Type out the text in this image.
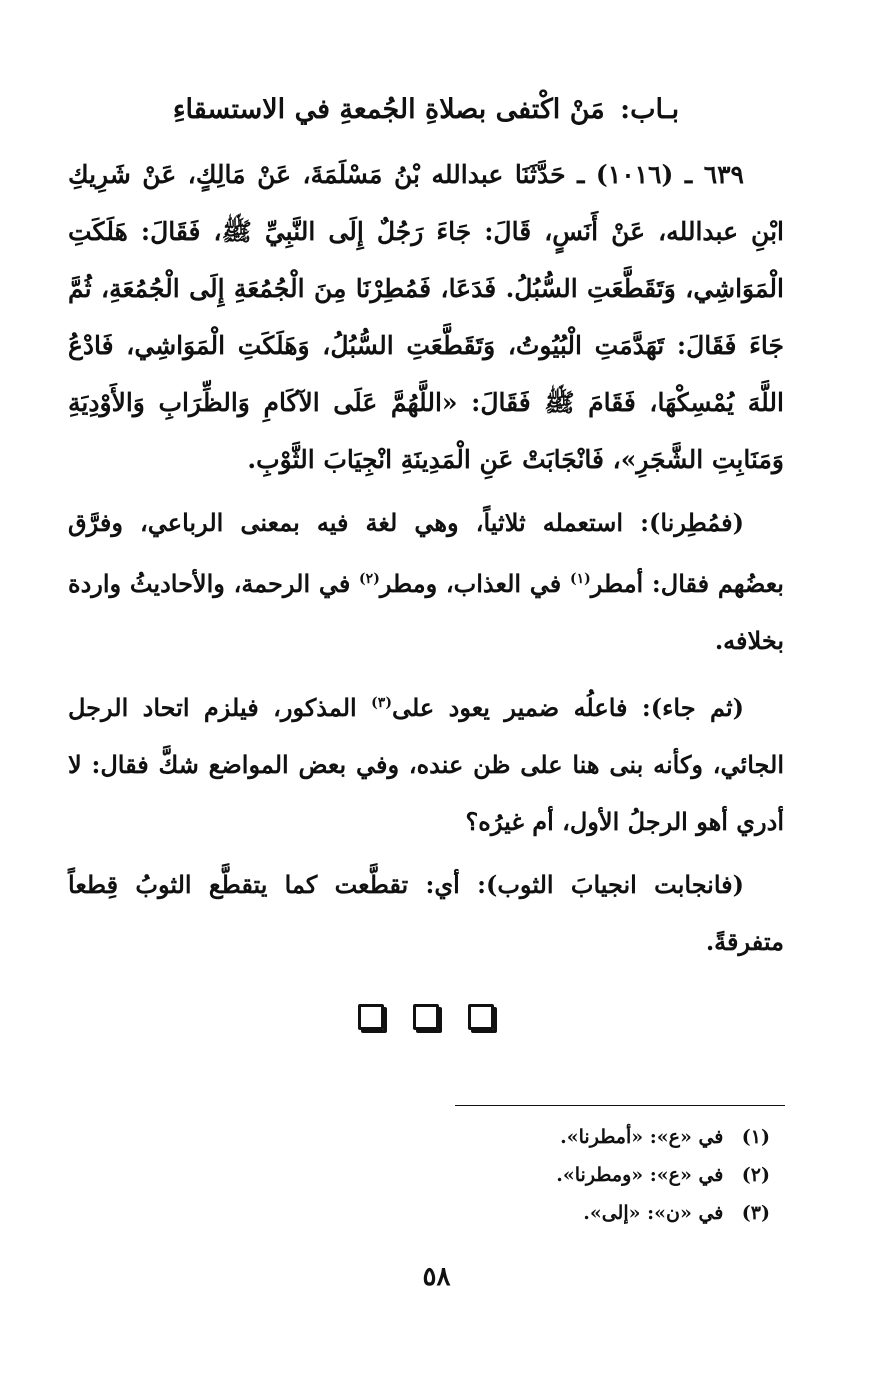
بـاب: مَنْ اكْتفى بصلاةِ الجُمعةِ في الاستسقاءِ

٦٣٩ ـ (١٠١٦) ـ حَدَّثَنَا عبدالله بْنُ مَسْلَمَةَ، عَنْ مَالِكٍ، عَنْ شَرِيكِ ابْنِ عبدالله، عَنْ أَنَسٍ، قَالَ: جَاءَ رَجُلٌ إِلَى النَّبِيِّ ﷺ، فَقَالَ: هَلَكَتِ الْمَوَاشِي، وَتَقَطَّعَتِ السُّبُلُ. فَدَعَا، فَمُطِرْنَا مِنَ الْجُمُعَةِ إِلَى الْجُمُعَةِ، ثُمَّ جَاءَ فَقَالَ: تَهَدَّمَتِ الْبُيُوتُ، وَتَقَطَّعَتِ السُّبُلُ، وَهَلَكَتِ الْمَوَاشِي، فَادْعُ اللَّهَ يُمْسِكْهَا، فَقَامَ ﷺ فَقَالَ: «اللَّهُمَّ عَلَى الآكَامِ وَالظِّرَابِ وَالأَوْدِيَةِ وَمَنَابِتِ الشَّجَرِ»، فَانْجَابَتْ عَنِ الْمَدِينَةِ انْجِيَابَ الثَّوْبِ.

(فمُطِرنا): استعمله ثلاثياً، وهي لغة فيه بمعنى الرباعي، وفرَّق بعضُهم فقال: أمطر$^{(١)}$ في العذاب، ومطر$^{(٢)}$ في الرحمة، والأحاديثُ واردة بخلافه.

(ثم جاء): فاعلُه ضمير يعود على$^{(٣)}$ المذكور، فيلزم اتحاد الرجل الجائي، وكأنه بنى هنا على ظن عنده، وفي بعض المواضع شكَّ فقال: لا أدري أهو الرجلُ الأول، أم غيرُه؟

(فانجابت انجيابَ الثوب): أي: تقطَّعت كما يتقطَّع الثوبُ قِطعاً متفرقةً.

(١) في «ع»: «أمطرنا».

(٢) في «ع»: «ومطرنا».

(٣) في «ن»: «إلى».

٥٨
